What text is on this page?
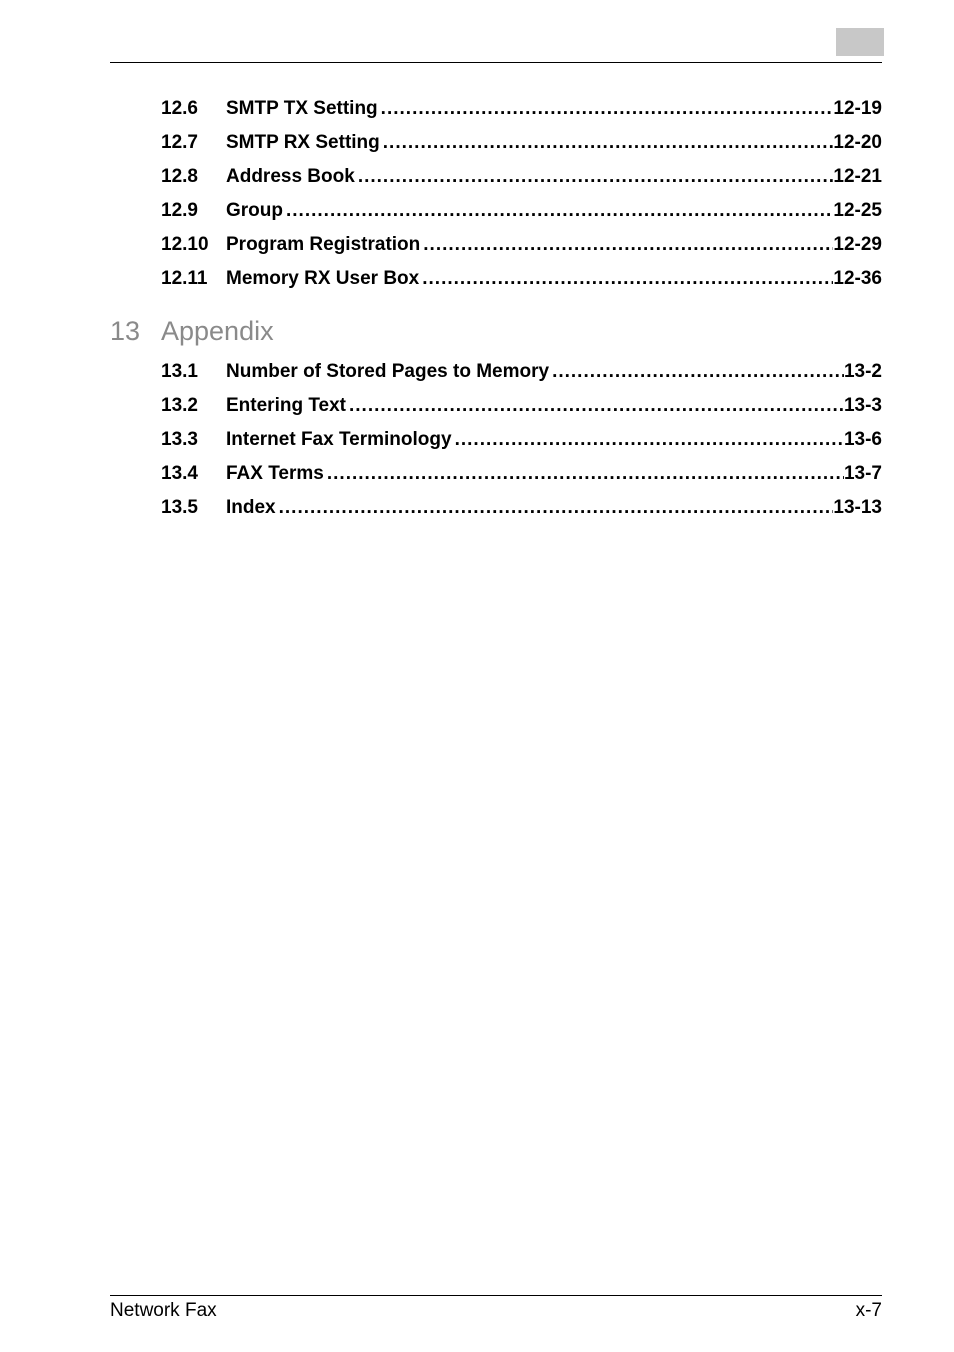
12.6	SMTP TX Setting .....	12-19
12.7	SMTP RX Setting .....	12-20
12.8	Address Book .....	12-21
12.9	Group .....	12-25
12.10 Program Registration .....	12-29
12.11 Memory RX User Box .....	12-36
13 Appendix
13.1	Number of Stored Pages to Memory .....	13-2
13.2	Entering Text .....	13-3
13.3	Internet Fax Terminology .....	13-6
13.4	FAX Terms .....	13-7
13.5	Index .....	13-13
Network Fax	x-7
